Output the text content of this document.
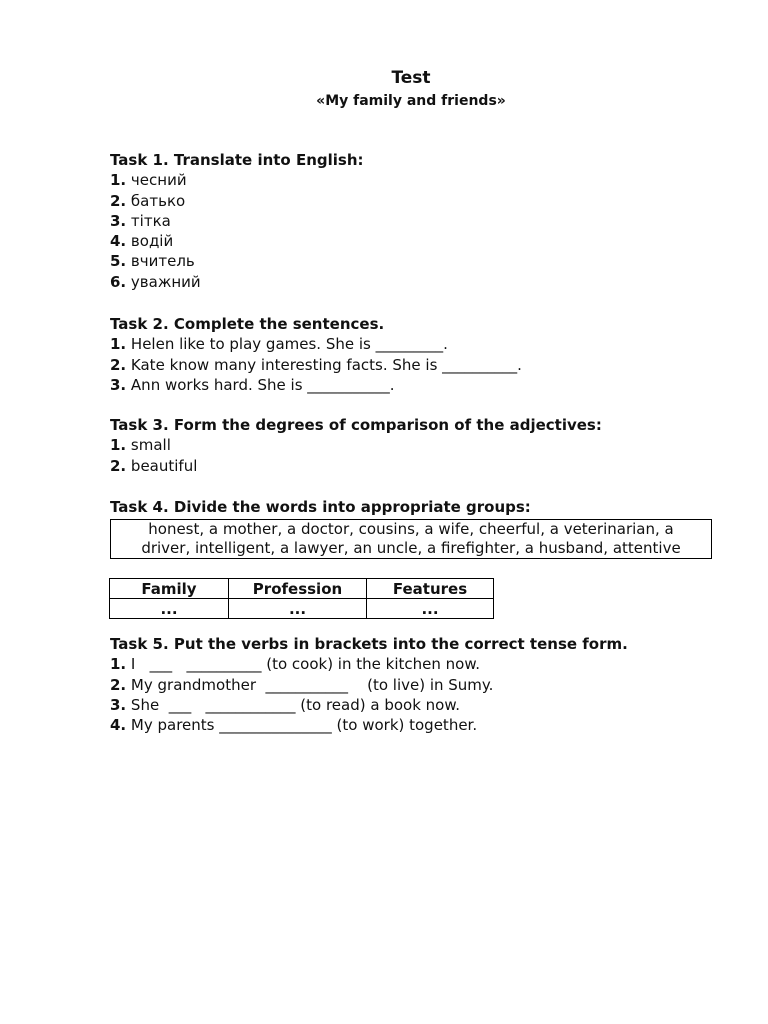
Test
«My family and friends»
Task 1. Translate into English:
1. чесний
2. батько
3. тітка
4. водій
5. вчитель
6. уважний
Task 2. Complete the sentences.
1. Helen like to play games. She is _________.
2. Kate know many interesting facts. She is __________.
3. Ann works hard. She is ___________.
Task 3. Form the degrees of comparison of the adjectives:
1. small
2. beautiful
Task 4. Divide the words into appropriate groups:
honest, a mother, a doctor, cousins, a wife, cheerful, a veterinarian, a
driver, intelligent, a lawyer, an uncle, a firefighter, a husband, attentive
Family	Profession	Features
...	...	...
Task 5. Put the verbs in brackets into the correct tense form.
1. I   ___   __________ (to cook) in the kitchen now.
2. My grandmother  ___________    (to live) in Sumy.
3. She  ___   ____________ (to read) a book now.
4. My parents _______________ (to work) together.
